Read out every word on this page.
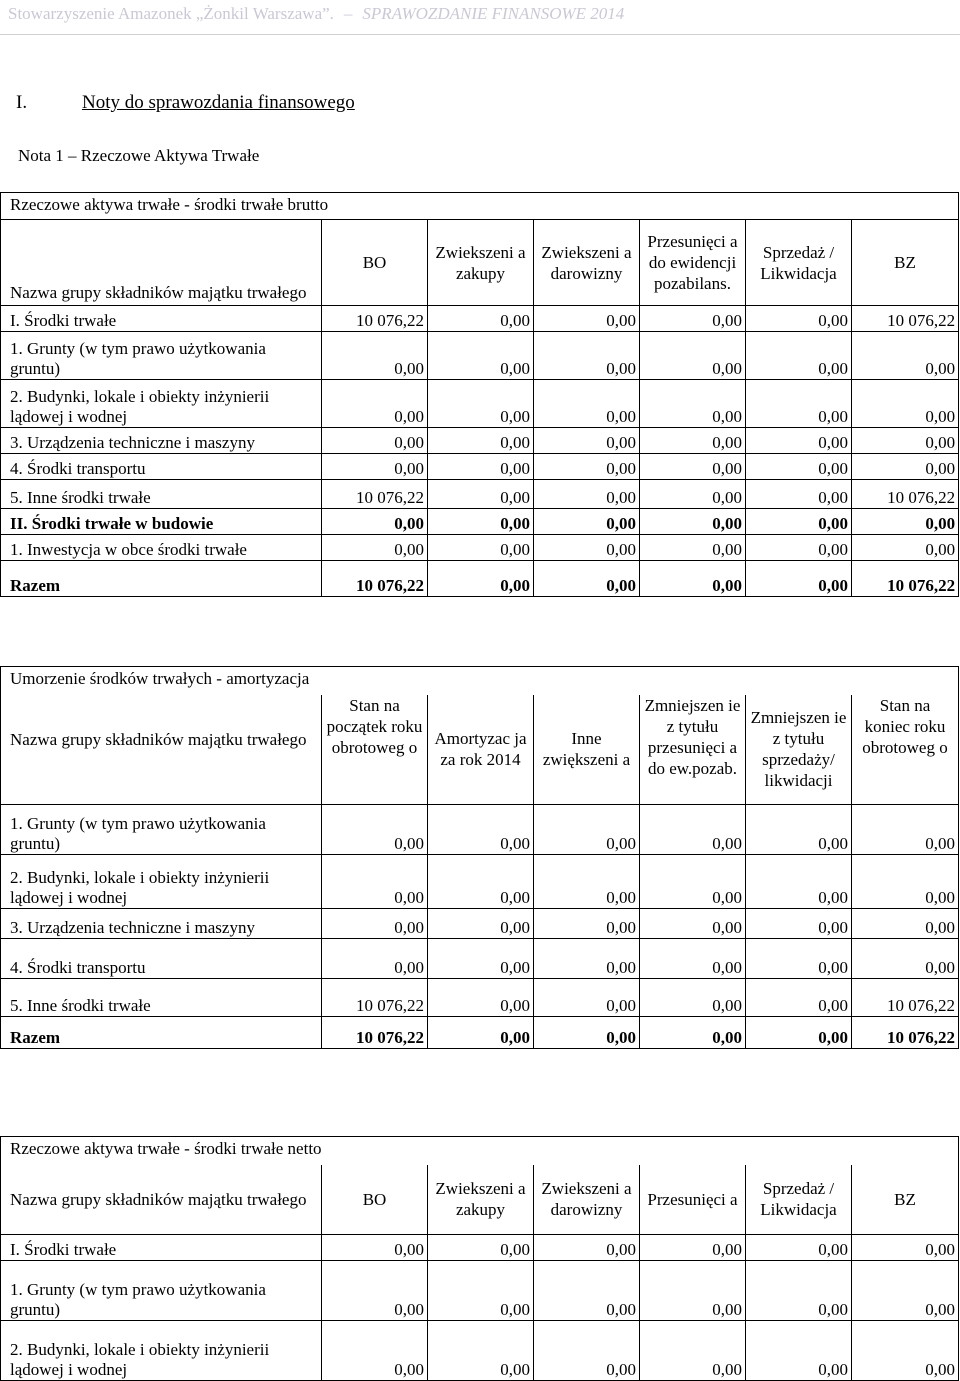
Stowarzyszenie Amazonek „Żonkil Warszawa”. – SPRAWOZDANIE FINANSOWE 2014
I.	Noty do sprawozdania finansowego
Nota 1 – Rzeczowe Aktywa Trwałe
Rzeczowe aktywa trwałe - środki trwałe brutto						
Nazwa grupy składników majątku trwałego	BO	Zwiekszeni a zakupy	Zwiekszeni a darowizny	Przesunięci a do ewidencji pozabilans.	Sprzedaż / Likwidacja	BZ
I. Środki trwałe	10 076,22	0,00	0,00	0,00	0,00	10 076,22
1. Grunty (w tym prawo użytkowania gruntu)	0,00	0,00	0,00	0,00	0,00	0,00
2. Budynki, lokale i obiekty inżynierii lądowej i wodnej	0,00	0,00	0,00	0,00	0,00	0,00
3. Urządzenia techniczne i maszyny	0,00	0,00	0,00	0,00	0,00	0,00
4. Środki transportu	0,00	0,00	0,00	0,00	0,00	0,00
5. Inne środki trwałe	10 076,22	0,00	0,00	0,00	0,00	10 076,22
II. Środki trwałe w budowie	0,00	0,00	0,00	0,00	0,00	0,00
1. Inwestycja w obce środki trwałe	0,00	0,00	0,00	0,00	0,00	0,00
Razem	10 076,22	0,00	0,00	0,00	0,00	10 076,22
Umorzenie środków trwałych - amortyzacja						
Nazwa grupy składników majątku trwałego	Stan na początek roku obrotoweg o	Amortyzac ja za rok 2014	Inne zwiększeni a	Zmniejszen ie z tytułu przesunięci a do ew.pozab.	Zmniejszen ie z tytułu sprzedaży/ likwidacji	Stan na koniec roku obrotoweg o
1. Grunty (w tym prawo użytkowania gruntu)	0,00	0,00	0,00	0,00	0,00	0,00
2. Budynki, lokale i obiekty inżynierii lądowej i wodnej	0,00	0,00	0,00	0,00	0,00	0,00
3. Urządzenia techniczne i maszyny	0,00	0,00	0,00	0,00	0,00	0,00
4. Środki transportu	0,00	0,00	0,00	0,00	0,00	0,00
5. Inne środki trwałe	10 076,22	0,00	0,00	0,00	0,00	10 076,22
Razem	10 076,22	0,00	0,00	0,00	0,00	10 076,22
Rzeczowe aktywa trwałe - środki trwałe netto						
Nazwa grupy składników majątku trwałego	BO	Zwiekszeni a zakupy	Zwiekszeni a darowizny	Przesunięci a	Sprzedaż / Likwidacja	BZ
I. Środki trwałe	0,00	0,00	0,00	0,00	0,00	0,00
1. Grunty (w tym prawo użytkowania gruntu)	0,00	0,00	0,00	0,00	0,00	0,00
2. Budynki, lokale i obiekty inżynierii lądowej i wodnej	0,00	0,00	0,00	0,00	0,00	0,00
